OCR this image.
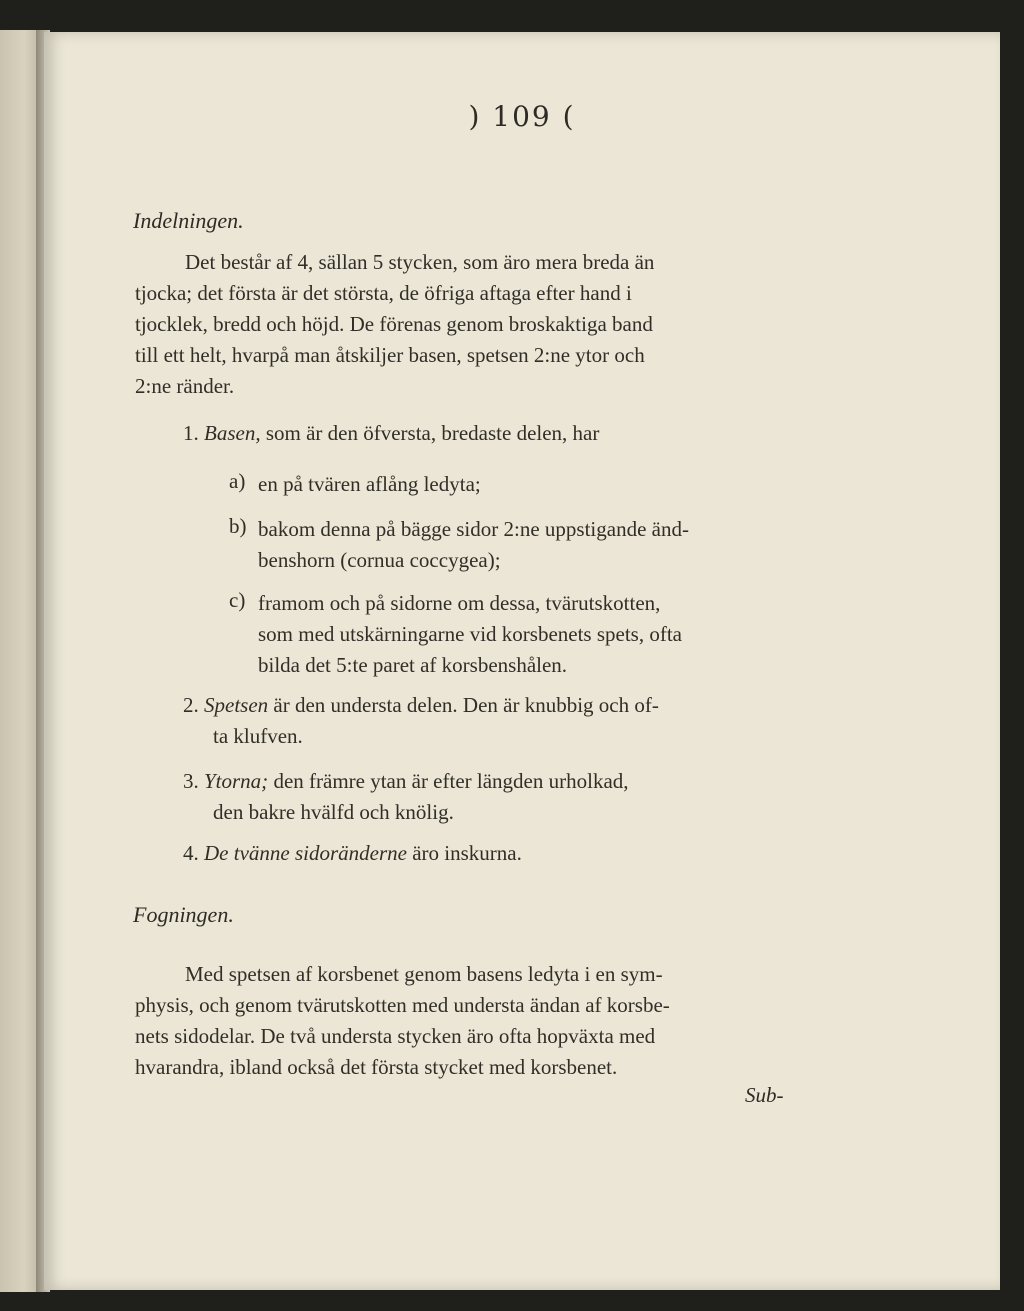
) 109 (
Indelningen.
Det består af 4, sällan 5 stycken, som äro mera breda än
tjocka; det första är det största, de öfriga aftaga efter hand i
tjocklek, bredd och höjd. De förenas genom broskaktiga band
till ett helt, hvarpå man åtskiljer basen, spetsen 2:ne ytor och
2:ne ränder.
1. Basen, som är den öfversta, bredaste delen, har
a) en på tvären aflång ledyta;
b) bakom denna på bägge sidor 2:ne uppstigande änd-
benshorn (cornua coccygea);
c) framom och på sidorne om dessa, tvärutskotten,
som med utskärningarne vid korsbenets spets, ofta
bilda det 5:te paret af korsbenshålen.
2. Spetsen är den understa delen. Den är knubbig och of-
ta klufven.
3. Ytorna; den främre ytan är efter längden urholkad,
den bakre hvälfd och knölig.
4. De tvänne sidoränderne äro inskurna.
Fogningen.
Med spetsen af korsbenet genom basens ledyta i en sym-
physis, och genom tvärutskotten med understa ändan af korsbe-
nets sidodelar. De två understa stycken äro ofta hopväxta med
hvarandra, ibland också det första stycket med korsbenet.
Sub-
